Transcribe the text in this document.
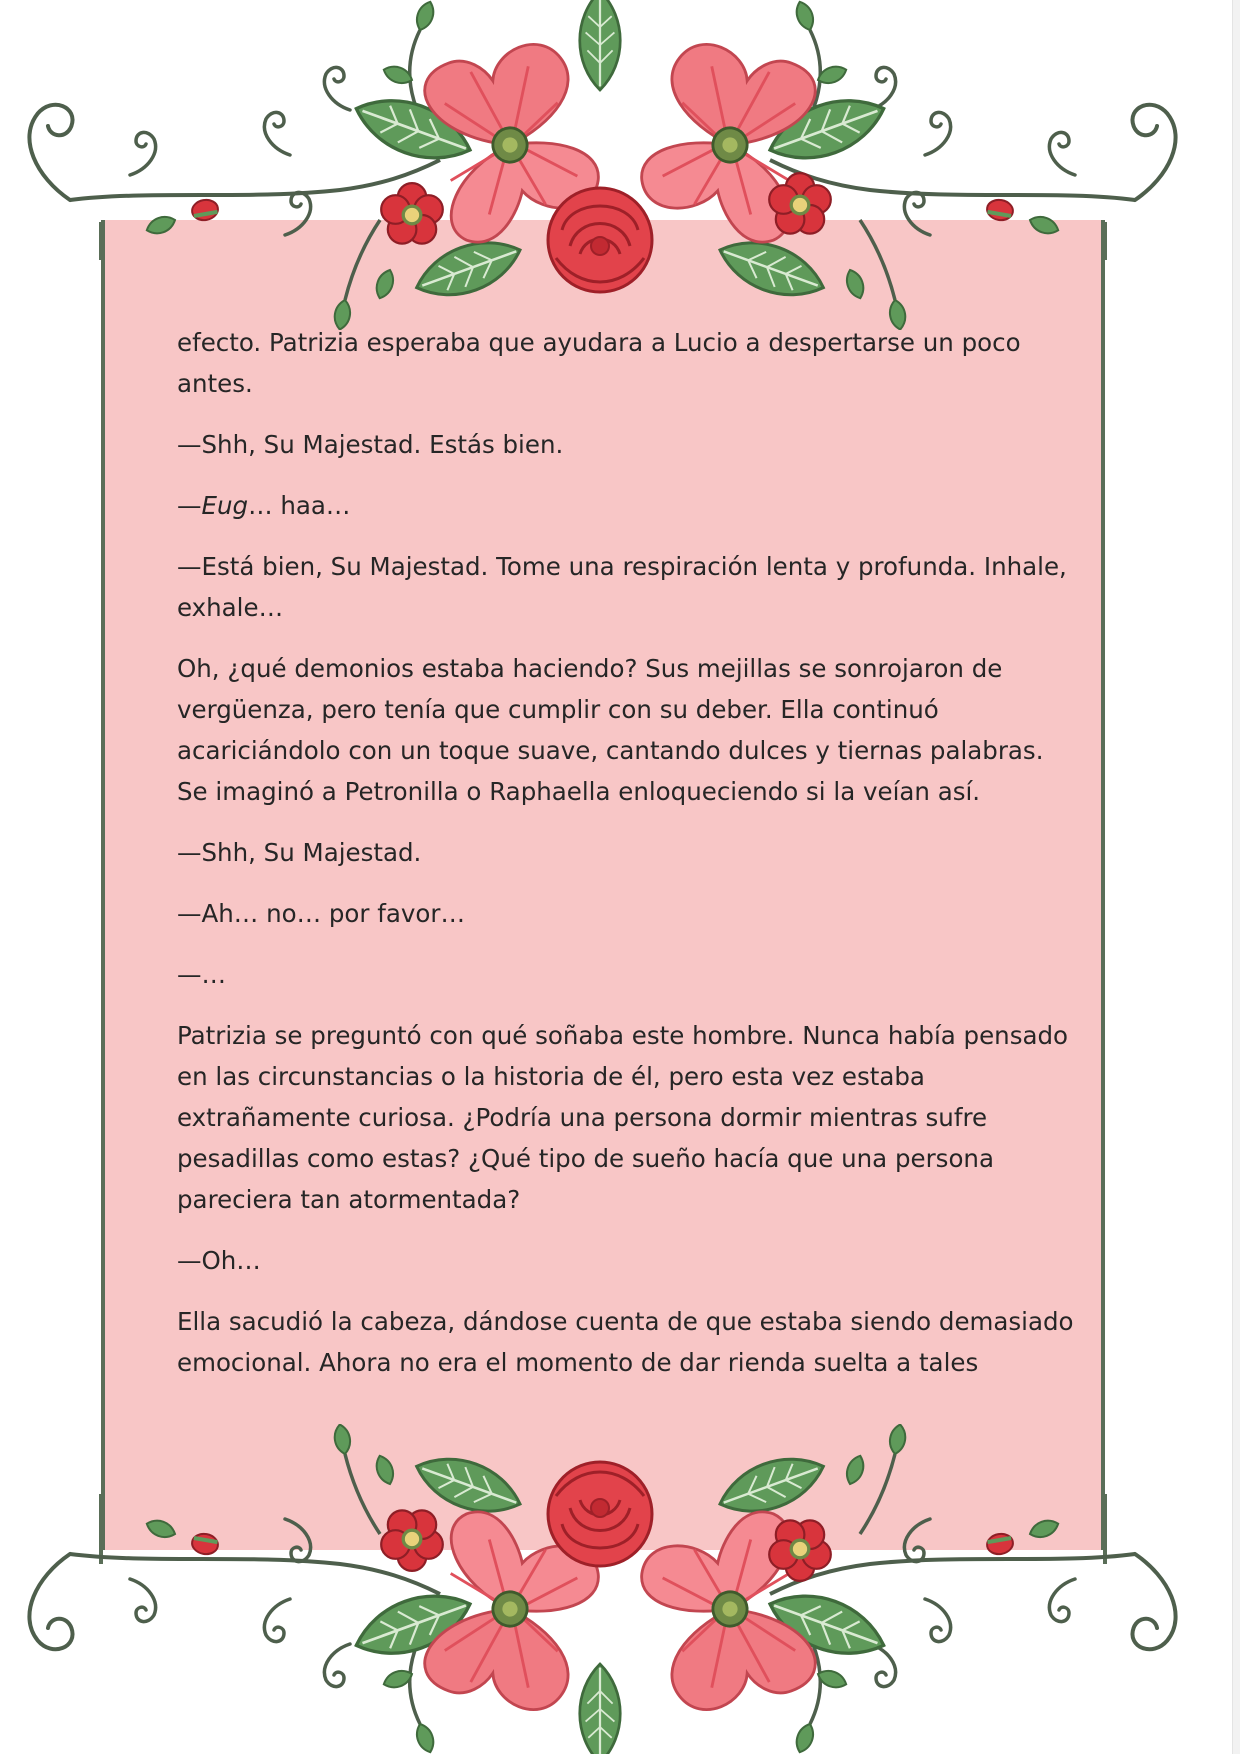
efecto. Patrizia esperaba que ayudara a Lucio a despertarse un poco antes.

—Shh, Su Majestad. Estás bien.

—Eug… haa…

—Está bien, Su Majestad. Tome una respiración lenta y profunda. Inhale, exhale…

Oh, ¿qué demonios estaba haciendo? Sus mejillas se sonrojaron de vergüenza, pero tenía que cumplir con su deber. Ella continuó acariciándolo con un toque suave, cantando dulces y tiernas palabras. Se imaginó a Petronilla o Raphaella enloqueciendo si la veían así.

—Shh, Su Majestad.

—Ah… no… por favor…

—…

Patrizia se preguntó con qué soñaba este hombre. Nunca había pensado en las circunstancias o la historia de él, pero esta vez estaba extrañamente curiosa. ¿Podría una persona dormir mientras sufre pesadillas como estas? ¿Qué tipo de sueño hacía que una persona pareciera tan atormentada?

—Oh…

Ella sacudió la cabeza, dándose cuenta de que estaba siendo demasiado emocional. Ahora no era el momento de dar rienda suelta a tales
